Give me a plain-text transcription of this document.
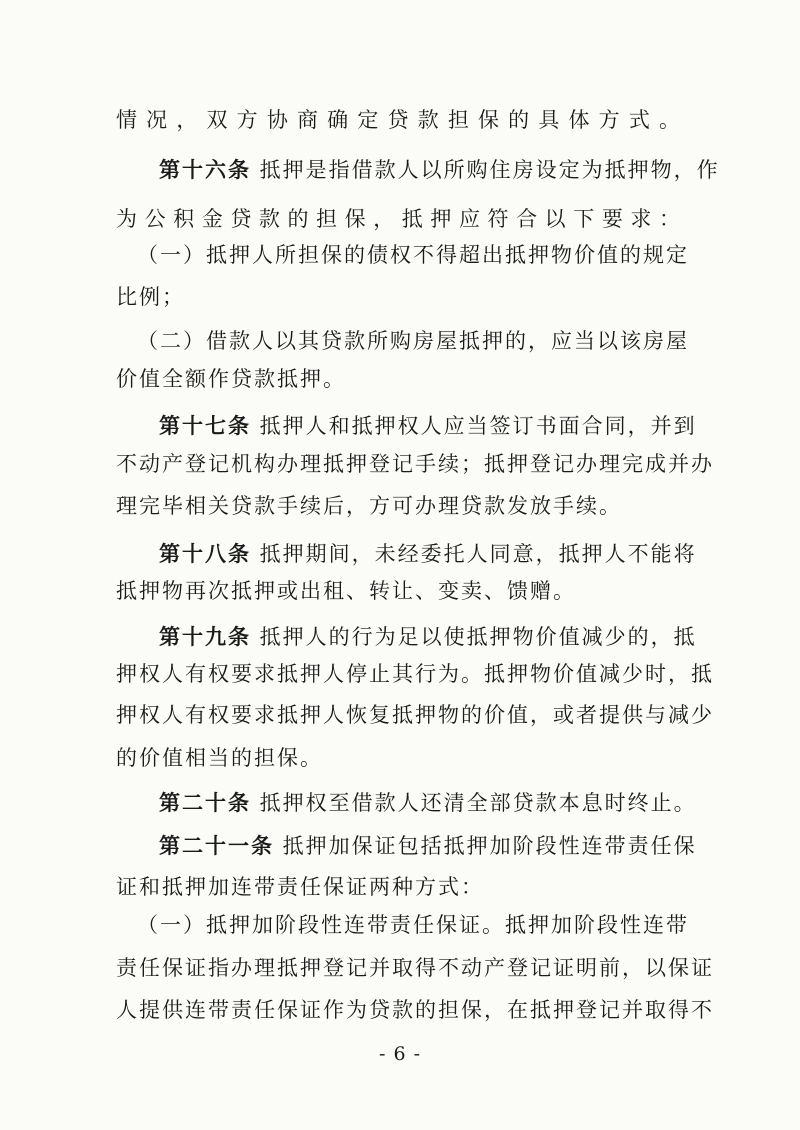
情况，双方协商确定贷款担保的具体方式。
第十六条 抵押是指借款人以所购住房设定为抵押物，作
为公积金贷款的担保，抵押应符合以下要求：
（一）抵押人所担保的债权不得超出抵押物价值的规定
比例；
（二）借款人以其贷款所购房屋抵押的，应当以该房屋
价值全额作贷款抵押。
第十七条 抵押人和抵押权人应当签订书面合同，并到
不动产登记机构办理抵押登记手续；抵押登记办理完成并办
理完毕相关贷款手续后，方可办理贷款发放手续。
第十八条 抵押期间，未经委托人同意，抵押人不能将
抵押物再次抵押或出租、转让、变卖、馈赠。
第十九条 抵押人的行为足以使抵押物价值减少的，抵
押权人有权要求抵押人停止其行为。抵押物价值减少时，抵
押权人有权要求抵押人恢复抵押物的价值，或者提供与减少
的价值相当的担保。
第二十条 抵押权至借款人还清全部贷款本息时终止。
第二十一条 抵押加保证包括抵押加阶段性连带责任保
证和抵押加连带责任保证两种方式：
（一）抵押加阶段性连带责任保证。抵押加阶段性连带
责任保证指办理抵押登记并取得不动产登记证明前，以保证
人提供连带责任保证作为贷款的担保，在抵押登记并取得不
- 6 -
